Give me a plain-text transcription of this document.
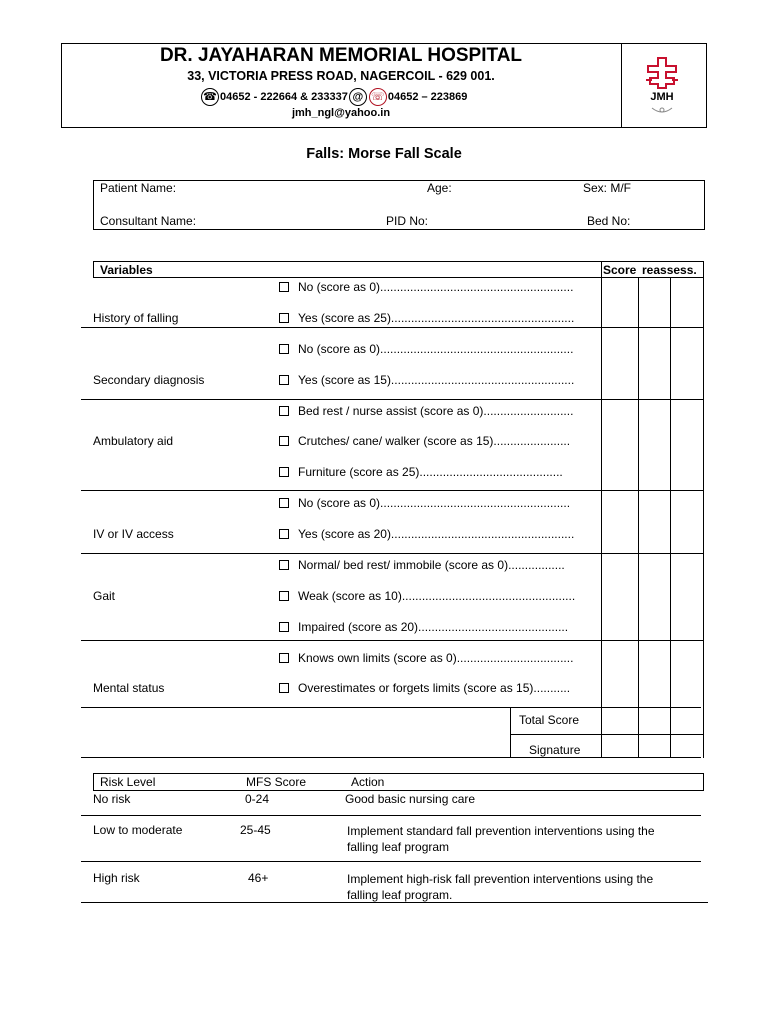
DR. JAYAHARAN MEMORIAL HOSPITAL
33, VICTORIA PRESS ROAD, NAGERCOIL - 629 001.
☎ 04652 - 222664 & 233337 @ ☏ 04652 – 223869
jmh_ngl@yahoo.in
JMH
Falls: Morse Fall Scale
Patient Name:	Age:	Sex: M/F
Consultant Name:	PID No:	Bed No:
Variables	Score reassess.
History of falling
No (score as 0)..........................................................
Yes (score as 25).......................................................
Secondary diagnosis
No (score as 0)..........................................................
Yes (score as 15).......................................................
Ambulatory aid
Bed rest / nurse assist (score as 0)...........................
Crutches/ cane/ walker (score as 15).......................
Furniture (score as 25)...........................................
IV or IV access
No (score as 0).........................................................
Yes (score as 20).......................................................
Gait
Normal/ bed rest/ immobile (score as 0).................
Weak (score as 10)....................................................
Impaired (score as 20).............................................
Mental status
Knows own limits (score as 0)...................................
Overestimates or forgets limits (score as 15)...........
Total Score
Signature
Risk Level	MFS Score	Action
No risk	0-24	Good basic nursing care
Low to moderate	25-45	Implement standard fall prevention interventions using the falling leaf program
High risk	46+	Implement high-risk fall prevention interventions using the falling leaf program.
